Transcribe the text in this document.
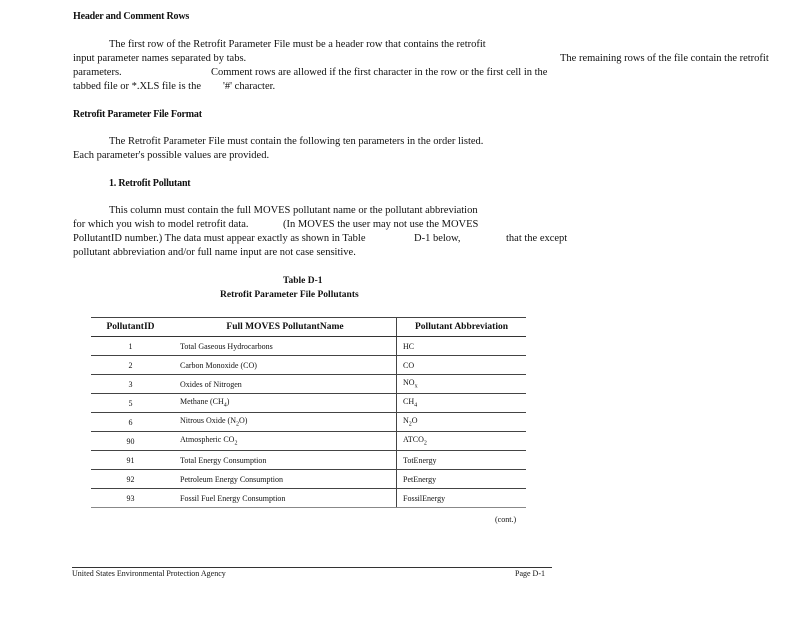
Header and Comment Rows
The first row of the Retrofit Parameter File must be a header row that contains the retrofit
input parameter names separated by tabs.	The remaining rows of the file contain the retrofit
parameters.	Comment rows are allowed if the first character in the row or the first cell in the
tabbed file or *.XLS file is the '#' character.
Retrofit Parameter File Format
The Retrofit Parameter File must contain the following ten parameters in the order listed.
Each parameter's possible values are provided.
1. Retrofit Pollutant
This column must contain the full MOVES pollutant name or the pollutant abbreviation
for which you wish to model retrofit data.	(In MOVES the user may not use the MOVES
PollutantID number.) The data must appear exactly as shown in Table	D-1 below,	that the except
pollutant abbreviation and/or full name input are not case sensitive.
Table D-1
Retrofit Parameter File Pollutants
PollutantID	Full MOVES PollutantName	Pollutant Abbreviation
1	Total Gaseous Hydrocarbons	HC
2	Carbon Monoxide (CO)	CO
3	Oxides of Nitrogen	$NO_x$
5	Methane $(CH_4)$	$CH_4$
6	Nitrous Oxide $(N_2O)$	$N_2O$
90	Atmospheric $CO_2$	$ATCO_2$
91	Total Energy Consumption	TotEnergy
92	Petroleum Energy Consumption	PetEnergy
93	Fossil Fuel Energy Consumption	FossilEnergy
(cont.)
United States Environmental Protection Agency	Page D-1
